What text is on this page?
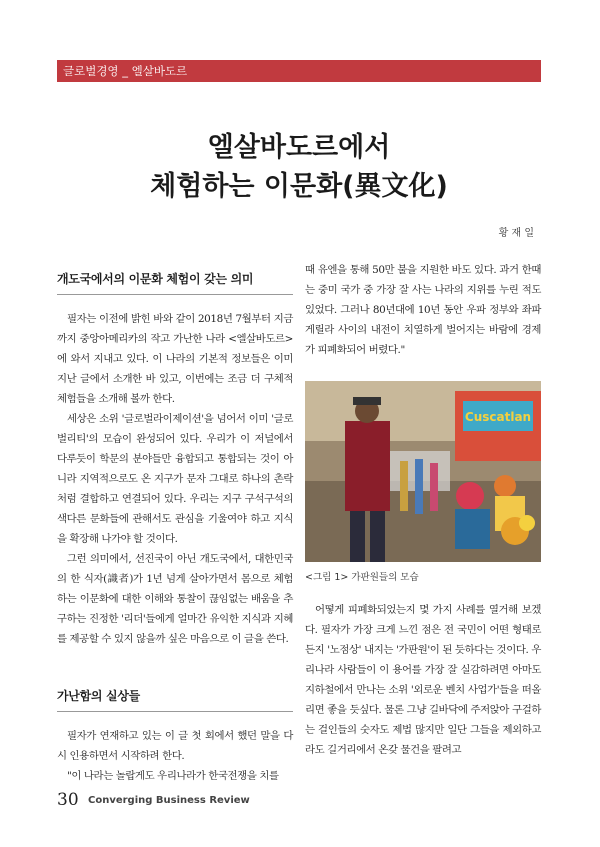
글로벌경영 _ 엘살바도르
엘살바도르에서
체험하는 이문화(異文化)
황 재 일
개도국에서의 이문화 체험이 갖는 의미

필자는 이전에 밝힌 바와 같이 2018년 7월부터 지금까지 중앙아메리카의 작고 가난한 나라 <엘살바도르>에 와서 지내고 있다. 이 나라의 기본적 정보들은 이미 지난 글에서 소개한 바 있고, 이번에는 조금 더 구체적 체험들을 소개해 볼까 한다.

세상은 소위 '글로벌라이제이션'을 넘어서 이미 '글로벌리티'의 모습이 완성되어 있다. 우리가 이 저널에서 다루듯이 학문의 분야들만 융합되고 통합되는 것이 아니라 지역적으로도 온 지구가 문자 그대로 하나의 촌락처럼 결합하고 연결되어 있다. 우리는 지구 구석구석의 색다른 문화들에 관해서도 관심을 기울여야 하고 지식을 확장해 나가야 할 것이다.

그런 의미에서, 선진국이 아닌 개도국에서, 대한민국의 한 식자(識者)가 1년 넘게 살아가면서 몸으로 체험하는 이문화에 대한 이해와 통찰이 끊임없는 배움을 추구하는 진정한 '리더'들에게 얼마간 유익한 지식과 지혜를 제공할 수 있지 않을까 싶은 마음으로 이 글을 쓴다.

가난함의 실상들

필자가 연재하고 있는 이 글 첫 회에서 했던 말을 다시 인용하면서 시작하려 한다.

"이 나라는 놀랍게도 우리나라가 한국전쟁을 치를

때 유엔을 통해 50만 불을 지원한 바도 있다. 과거 한때는 중미 국가 중 가장 잘 사는 나라의 지위를 누린 적도 있었다. 그러나 80년대에 10년 동안 우파 정부와 좌파 게릴라 사이의 내전이 치열하게 벌어지는 바람에 경제가 피폐화되어 버렸다."

Cuscatlan
<그림 1> 가판원들의 모습

어떻게 피폐화되었는지 몇 가지 사례를 열거해 보겠다. 필자가 가장 크게 느낀 점은 전 국민이 어떤 형태로든지 '노점상' 내지는 '가판원'이 된 듯하다는 것이다. 우리나라 사람들이 이 용어를 가장 잘 실감하려면 아마도 지하철에서 만나는 소위 '외로운 벤치 사업가'들을 떠올리면 좋을 듯싶다. 물론 그냥 길바닥에 주저앉아 구걸하는 걸인들의 숫자도 제법 많지만 일단 그들을 제외하고라도 길거리에서 온갖 물건을 팔려고

30 Converging Business Review
